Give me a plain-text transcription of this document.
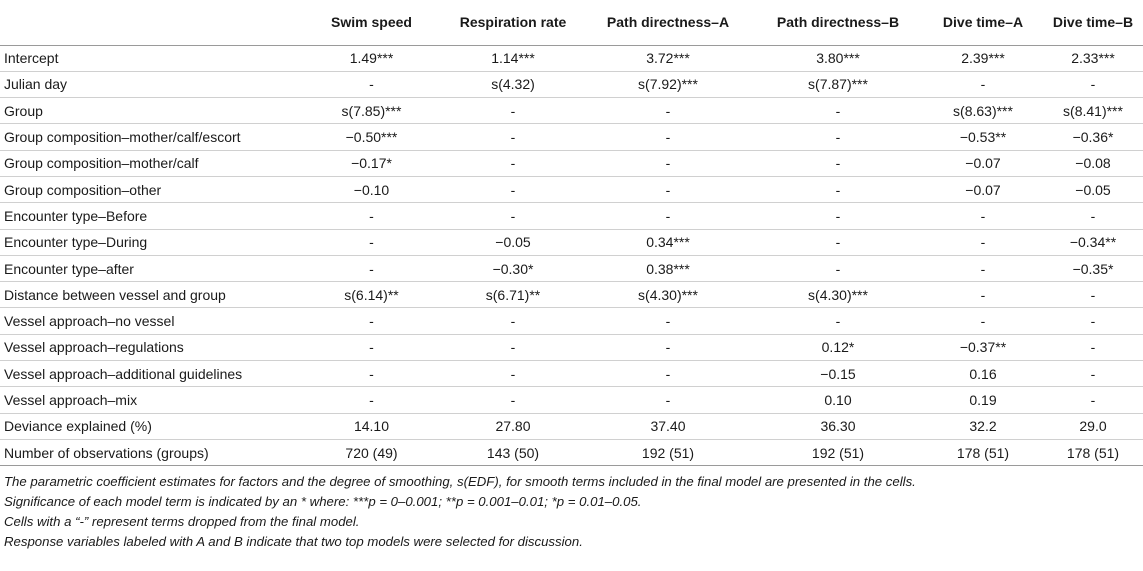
	Swim speed	Respiration rate	Path directness–A	Path directness–B	Dive time–A	Dive time–B
Intercept	1.49***	1.14***	3.72***	3.80***	2.39***	2.33***
Julian day	-	s(4.32)	s(7.92)***	s(7.87)***	-	-
Group	s(7.85)***	-	-	-	s(8.63)***	s(8.41)***
Group composition–mother/calf/escort	−0.50***	-	-	-	−0.53**	−0.36*
Group composition–mother/calf	−0.17*	-	-	-	−0.07	−0.08
Group composition–other	−0.10	-	-	-	−0.07	−0.05
Encounter type–Before	-	-	-	-	-	-
Encounter type–During	-	−0.05	0.34***	-	-	−0.34**
Encounter type–after	-	−0.30*	0.38***	-	-	−0.35*
Distance between vessel and group	s(6.14)**	s(6.71)**	s(4.30)***	s(4.30)***	-	-
Vessel approach–no vessel	-	-	-	-	-	-
Vessel approach–regulations	-	-	-	0.12*	−0.37**	-
Vessel approach–additional guidelines	-	-	-	−0.15	0.16	-
Vessel approach–mix	-	-	-	0.10	0.19	-
Deviance explained (%)	14.10	27.80	37.40	36.30	32.2	29.0
Number of observations (groups)	720 (49)	143 (50)	192 (51)	192 (51)	178 (51)	178 (51)

The parametric coefficient estimates for factors and the degree of smoothing, s(EDF), for smooth terms included in the final model are presented in the cells.

Significance of each model term is indicated by an * where: ***p = 0–0.001; **p = 0.001–0.01; *p = 0.01–0.05.

Cells with a “-” represent terms dropped from the final model.

Response variables labeled with A and B indicate that two top models were selected for discussion.
